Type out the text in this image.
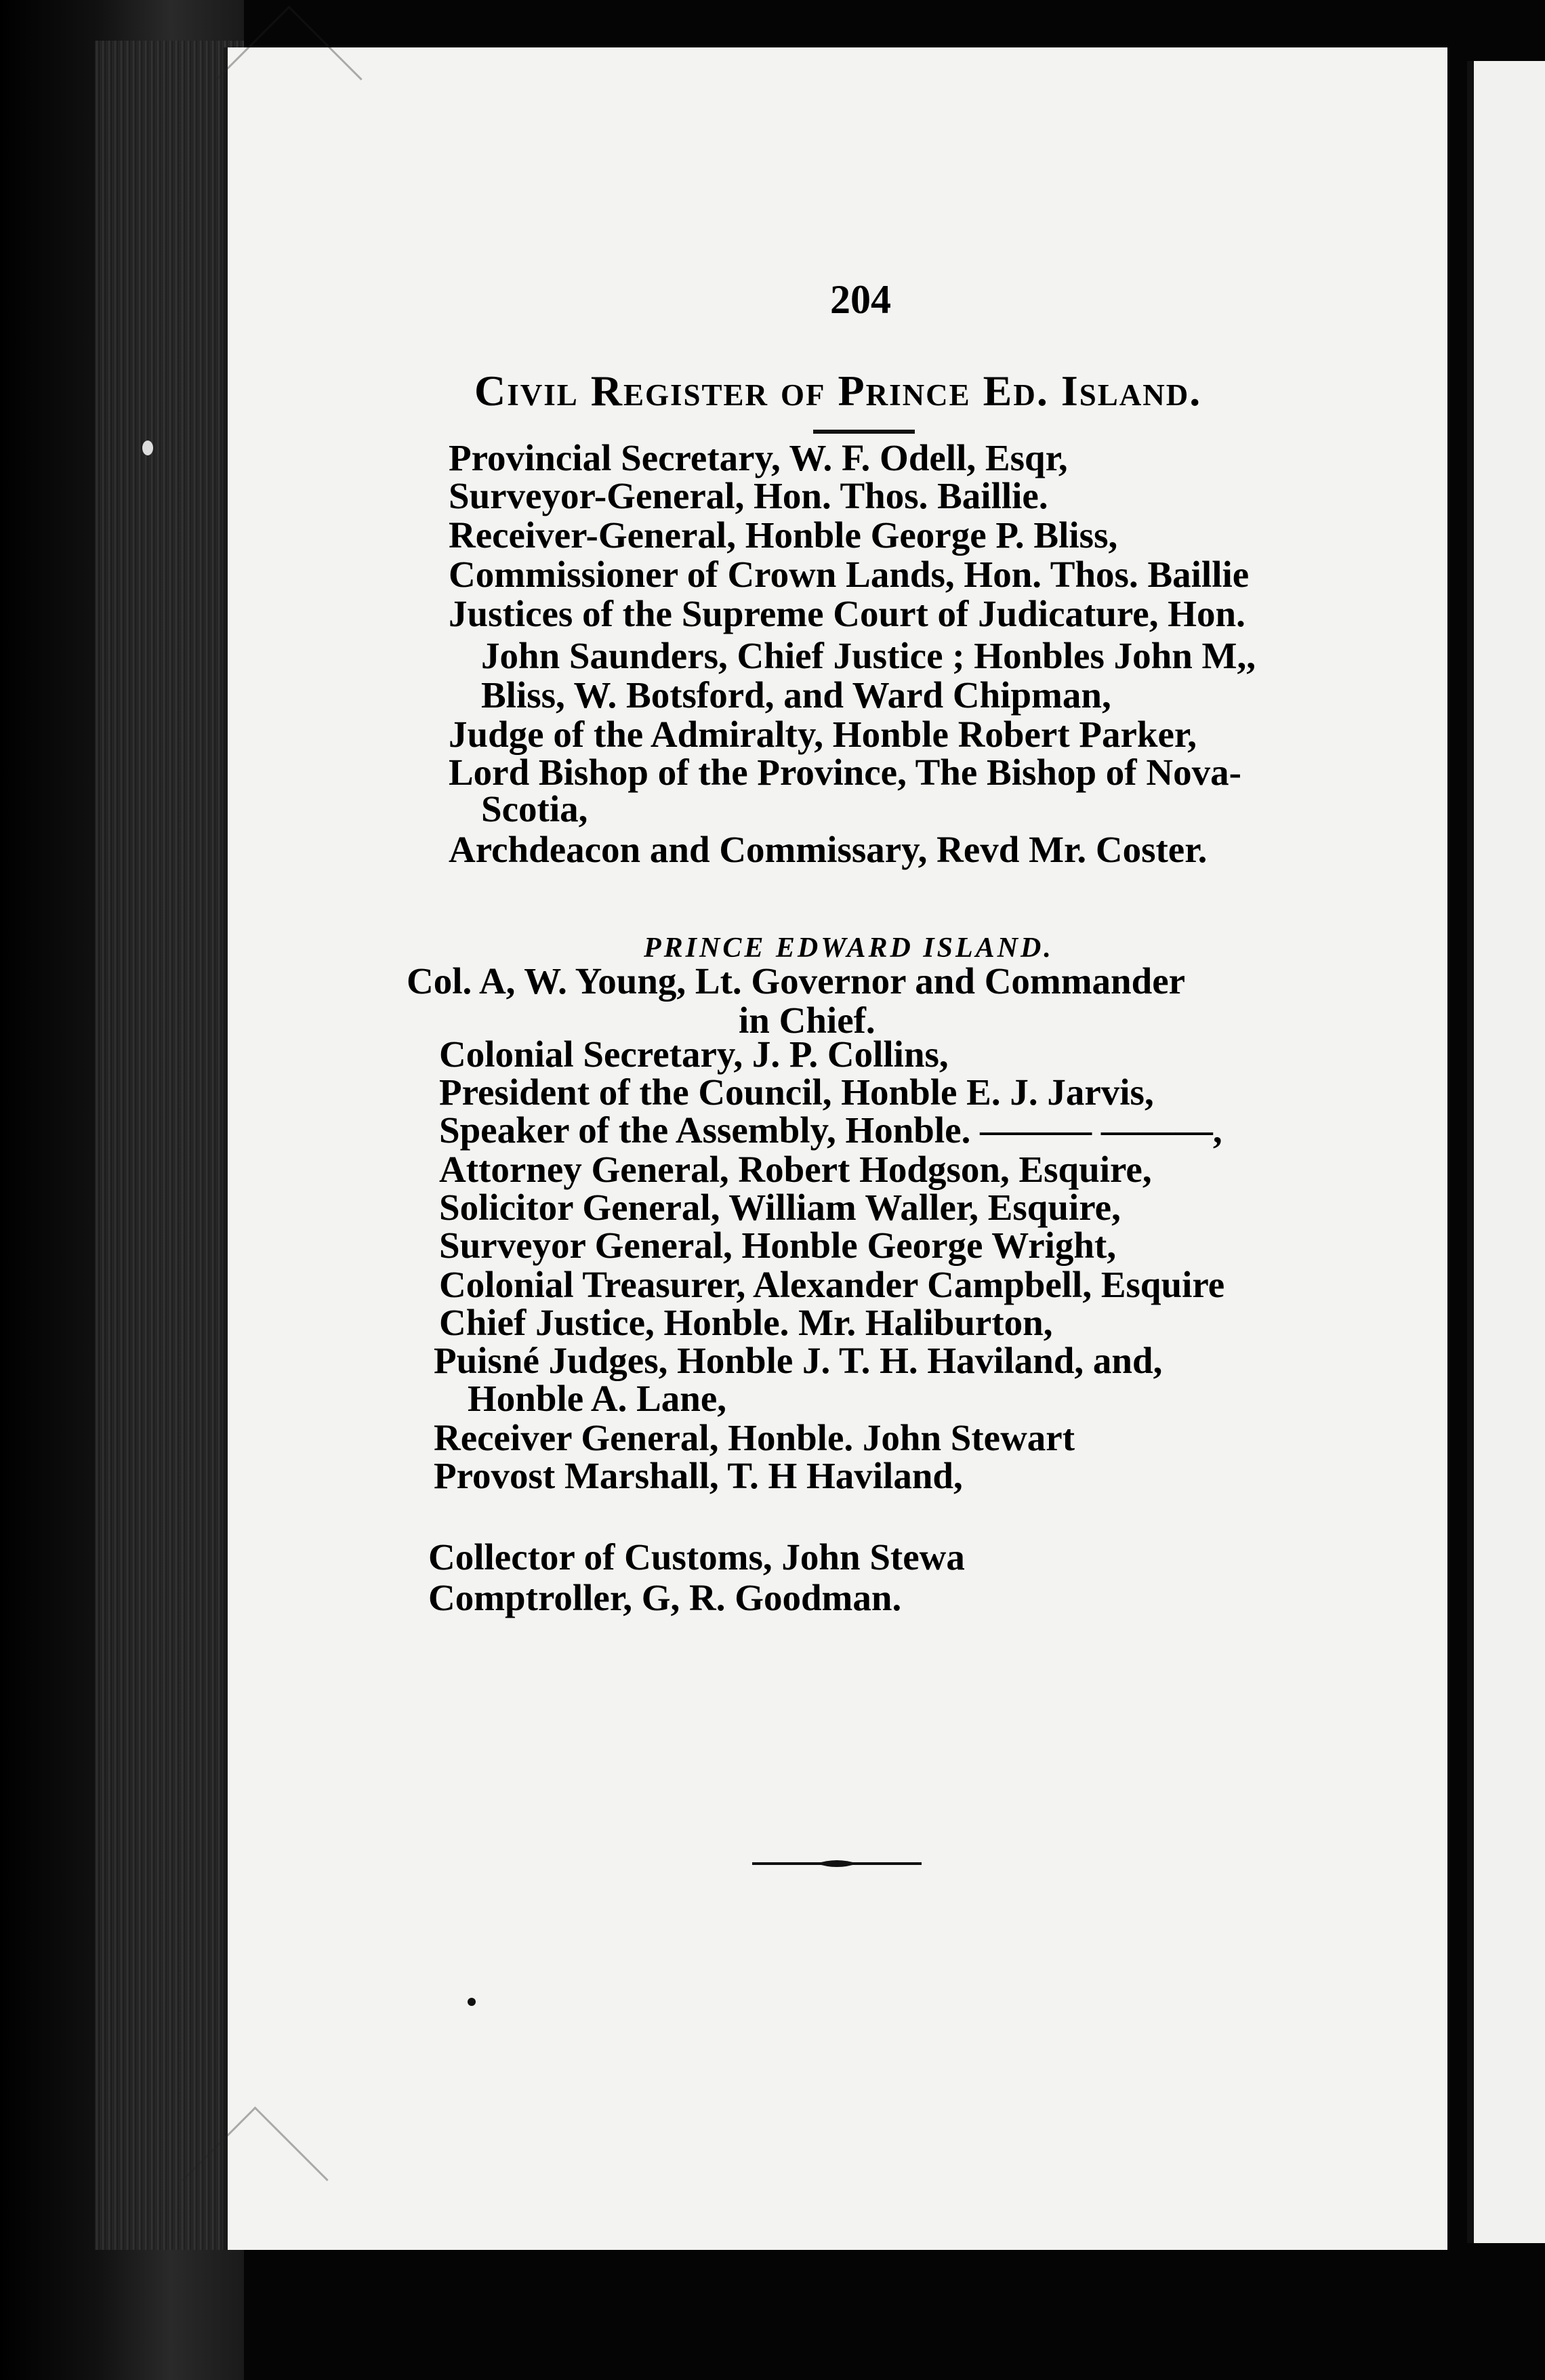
204
Civil Register of Prince Ed. Island.
Provincial Secretary, W. F. Odell, Esqr,
Surveyor-General, Hon. Thos. Baillie.
Receiver-General, Honble George P. Bliss,
Commissioner of Crown Lands, Hon. Thos. Baillie
Justices of the Supreme Court of Judicature, Hon.
John Saunders, Chief Justice ; Honbles John M,,
Bliss, W. Botsford, and Ward Chipman,
Judge of the Admiralty, Honble Robert Parker,
Lord Bishop of the Province, The Bishop of Nova-
Scotia,
Archdeacon and Commissary, Revd Mr. Coster.
PRINCE EDWARD ISLAND.
Col. A, W. Young, Lt. Governor and Commander
in Chief.
Colonial Secretary, J. P. Collins,
President of the Council, Honble E. J. Jarvis,
Speaker of the Assembly, Honble. ——— ———,
Attorney General, Robert Hodgson, Esquire,
Solicitor General, William Waller, Esquire,
Surveyor General, Honble George Wright,
Colonial Treasurer, Alexander Campbell, Esquire
Chief Justice, Honble. Mr. Haliburton,
Puisné Judges, Honble J. T. H. Haviland, and,
Honble A. Lane,
Receiver General, Honble. John Stewart
Provost Marshall, T. H Haviland,
Collector of Customs, John Stewa
Comptroller, G, R. Goodman.
